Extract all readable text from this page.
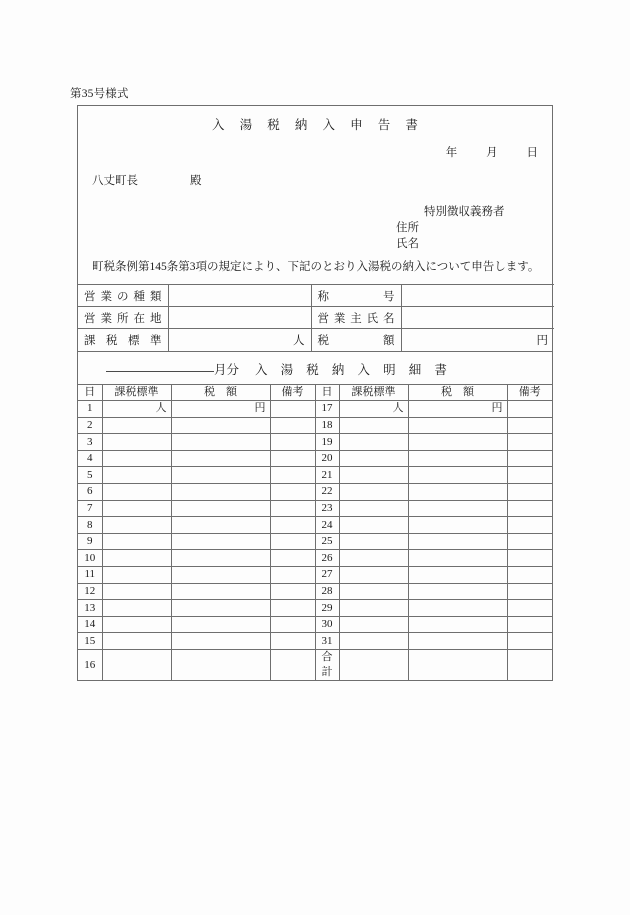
第35号様式
入 湯 税 納 入 申 告 書
年	月	日
八丈町長	殿
特別徴収義務者
住所
氏名
町税条例第145条第3項の規定により、下記のとおり入湯税の納入について申告します。
営業の種類		称号	
営業所在地		営業主氏名	
課税標準	人	税額	円
月分 入 湯 税 納 入 明 細 書
日	課税標準	税　額	備考	日	課税標準	税　額	備考
1	人	円		17	人	円	
2				18			
3				19			
4				20			
5				21			
6				22			
7				23			
8				24			
9				25			
10				26			
11				27			
12				28			
13				29			
14				30			
15				31			
16				合計			
